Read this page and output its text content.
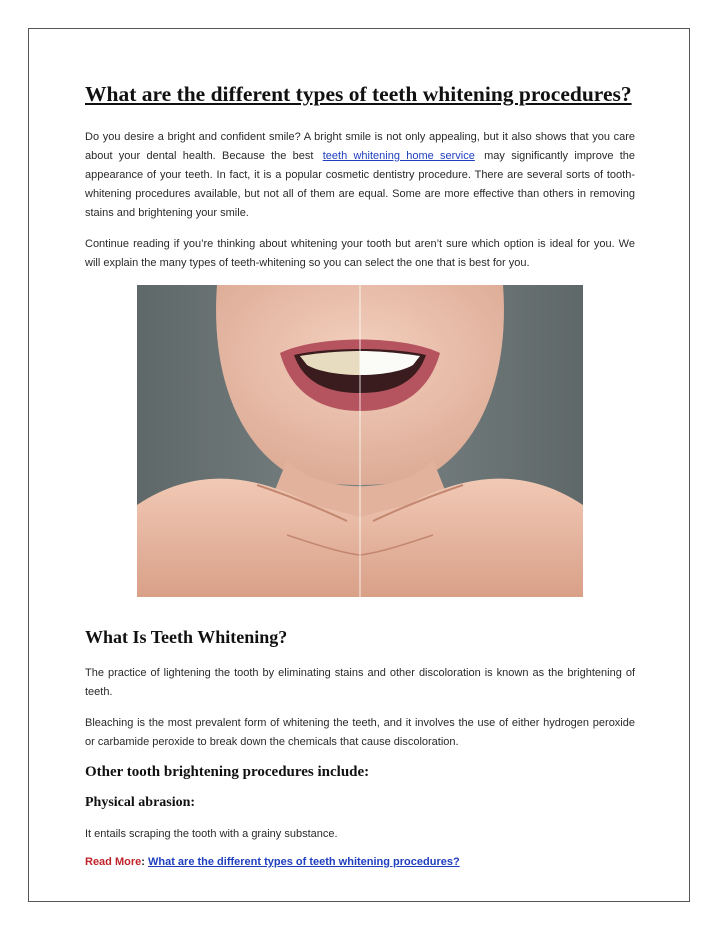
What are the different types of teeth whitening procedures?

Do you desire a bright and confident smile? A bright smile is not only appealing, but it also shows that you care about your dental health. Because the best teeth whitening home service may significantly improve the appearance of your teeth. In fact, it is a popular cosmetic dentistry procedure. There are several sorts of tooth-whitening procedures available, but not all of them are equal. Some are more effective than others in removing stains and brightening your smile.

Continue reading if you’re thinking about whitening your tooth but aren’t sure which option is ideal for you. We will explain the many types of teeth-whitening so you can select the one that is best for you.

What Is Teeth Whitening?

The practice of lightening the tooth by eliminating stains and other discoloration is known as the brightening of teeth.

Bleaching is the most prevalent form of whitening the teeth, and it involves the use of either hydrogen peroxide or carbamide peroxide to break down the chemicals that cause discoloration.

Other tooth brightening procedures include:
Physical abrasion:

It entails scraping the tooth with a grainy substance.

Read More: What are the different types of teeth whitening procedures?
